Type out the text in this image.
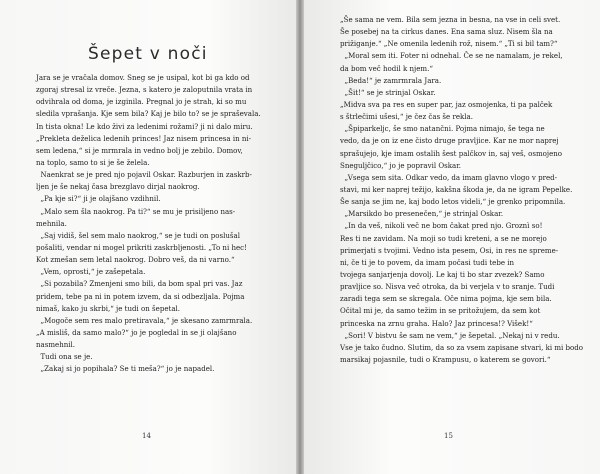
Šepet v noči
Jara se je vračala domov. Sneg se je usipal, kot bi ga kdo od
zgoraj stresal iz vreče. Jezna, s katero je zaloputnila vrata in
odvihrala od doma, je izginila. Pregnal jo je strah, ki so mu
sledila vprašanja. Kje sem bila? Kaj je bilo to? se je spraševala.
In tista okna! Le kdo živi za ledenimi rožami? ji ni dalo miru.
„Prekleta deželica ledenih princes! Jaz nisem princesa in ni-
sem ledena,“ si je mrmrala in vedno bolj je zebilo. Domov,
na toplo, samo to si je še želela.
Naenkrat se je pred njo pojavil Oskar. Razburjen in zaskrb-
ljen je še nekaj časa brezglavo dirjal naokrog.
„Pa kje si?“ ji je olajšano vzdihnil.
„Malo sem šla naokrog. Pa ti?“ se mu je prisiljeno nas-
mehnila.
„Saj vidiš, šel sem malo naokrog,“ se je tudi on poslušal
pošaliti, vendar ni mogel prikriti zaskrbljenosti. „To ni hec!
Kot zmešan sem letal naokrog. Dobro veš, da ni varno.“
„Vem, oprosti,“ je zašepetala.
„Si pozabila? Zmenjeni smo bili, da bom spal pri vas. Jaz
pridem, tebe pa ni in potem izvem, da si odbezljala. Pojma
nimaš, kako ju skrbi,“ je tudi on šepetal.
„Mogoče sem res malo pretiravala,“ je skesano zamrmrala.
„A misliš, da samo malo?“ jo je pogledal in se ji olajšano
nasmehnil.
Tudi ona se je.
„Zakaj si jo popihala? Se ti meša?“ jo je napadel.
14
„Še sama ne vem. Bila sem jezna in besna, na vse in celi svet.
Še posebej na ta cirkus danes. Ena sama sluz. Nisem šla na
prižiganje.“ „Ne omenila ledenih rož, nisem.“ „Ti si bil tam?“
„Moral sem iti. Foter ni odnehal. Če se ne namalam, je rekel,
da bom več hodil k njem.“
„Beda!“ je zamrmrala Jara.
„Šit!“ se je strinjal Oskar.
„Midva sva pa res en super par, jaz osmojenka, ti pa palček
s štrlečimi ušesi,“ je čez čas še rekla.
„Špiparkeljc, še smo natančni. Pojma nimajo, še tega ne
vedo, da je on iz ene čisto druge pravljice. Kar ne mor naprej
sprašujejo, kje imam ostalih šest palčkov in, saj veš, osmojeno
Sneguljčico,“ jo je popravil Oskar.
„Vsega sem sita. Odkar vedo, da imam glavno vlogo v pred-
stavi, mi ker naprej težijo, kakšna škoda je, da ne igram Pepelke.
Še sanja se jim ne, kaj bodo letos videli,“ je grenko pripomnila.
„Marsikdo bo presenečen,“ je strinjal Oskar.
„In da veš, nikoli več ne bom čakat pred njo. Groznì so!
Res ti ne zavidam. Na moji so tudi kreteni, a se ne morejo
primerjati s tvojimi. Vedno ista pesem, Osi, in res ne spreme-
ni, če ti je to povem, da imam počasi tudi tebe in
tvojega sanjarjenja dovolj. Le kaj ti bo star zvezek? Samo
pravljice so. Nisva več otroka, da bi verjela v to sranje. Tudi
zaradi tega sem se skregala. Oče nima pojma, kje sem bila.
Očital mi je, da samo težim in se pritožujem, da sem kot
princeska na zrnu graha. Halo? Jaz princesa!? Višek!“
„Sori! V bistvu še sam ne vem,“ je šepetal. „Nekaj ni v redu.
Vse je tako čudno. Slutim, da so za vsem zapisane stvari, ki mi bodo
marsikaj pojasnile, tudi o Krampusu, o katerem se govori.“
15
